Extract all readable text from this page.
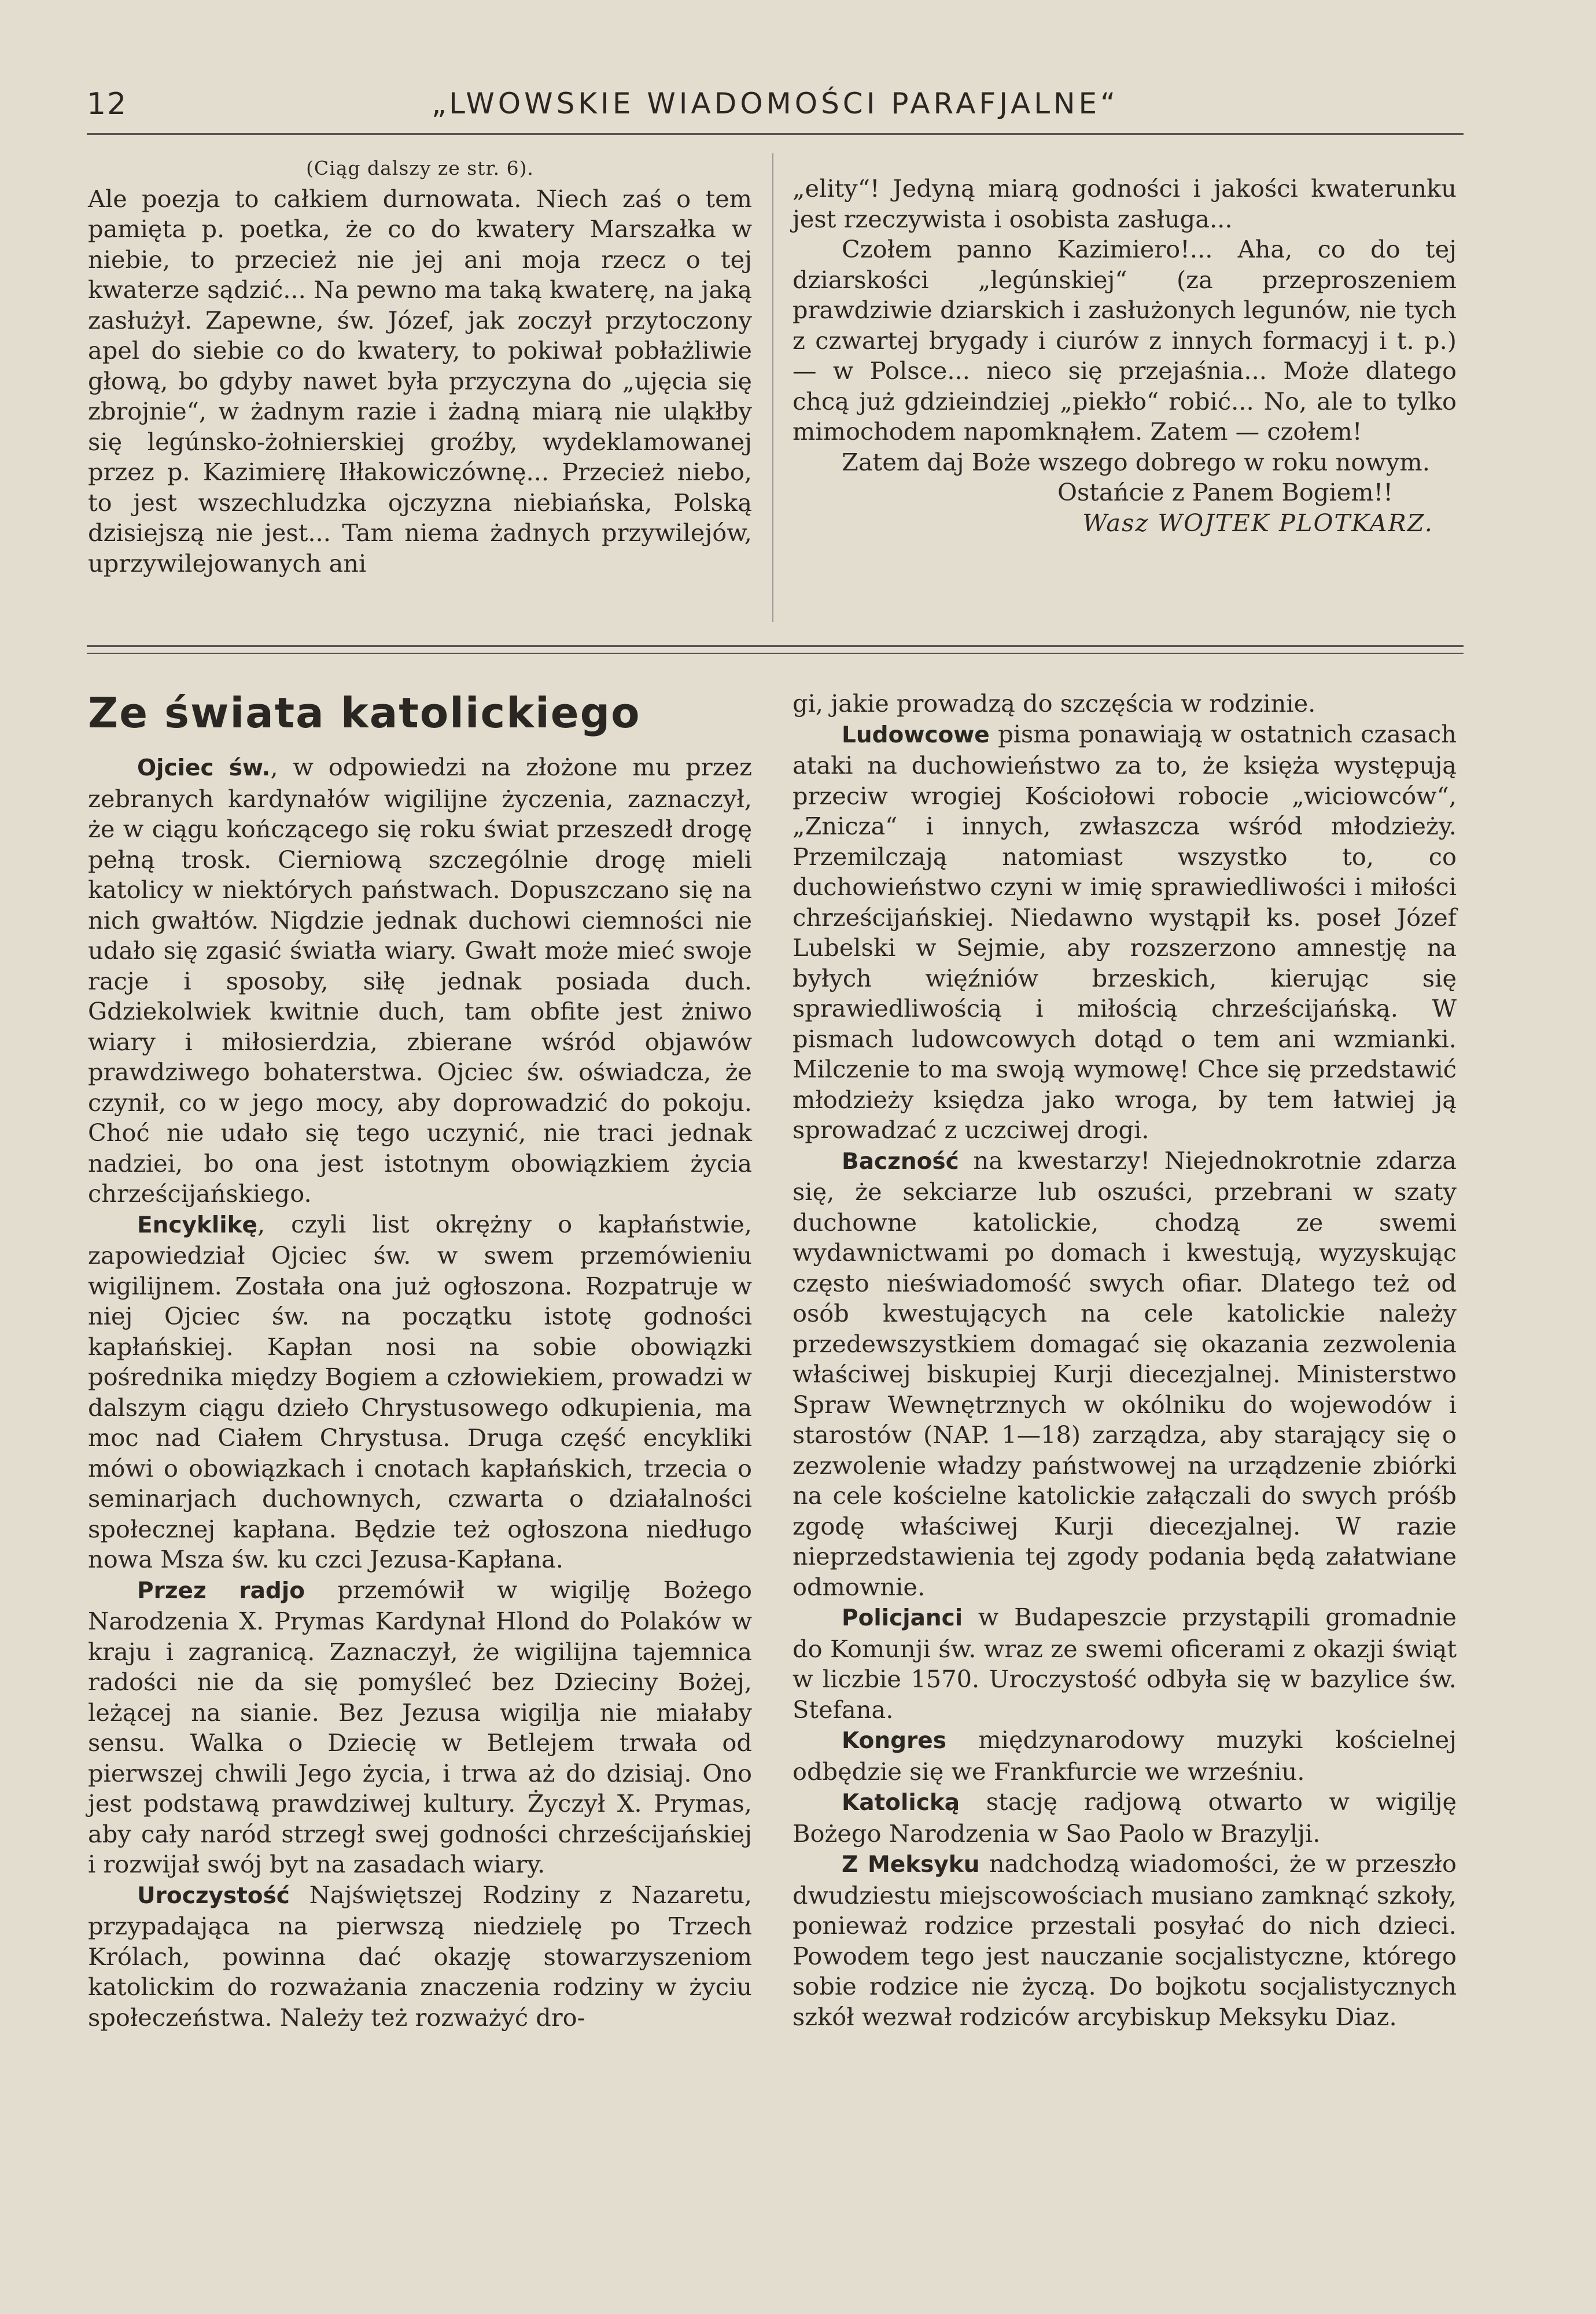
12	„LWOWSKIE WIADOMOŚCI PARAFJALNE“

(Ciąg dalszy ze str. 6).

Ale poezja to całkiem durnowata. Niech zaś o tem pamięta p. poetka, że co do kwatery Marszałka w niebie, to przecież nie jej ani moja rzecz o tej kwaterze sądzić... Na pewno ma taką kwaterę, na jaką zasłużył. Zapewne, św. Józef, jak zoczył przytoczony apel do siebie co do kwatery, to pokiwał pobłażliwie głową, bo gdyby nawet była przyczyna do „ujęcia się zbrojnie“, w żadnym razie i żadną miarą nie uląkłby się legúnsko-żołnierskiej groźby, wydeklamowanej przez p. Kazimierę Iłłakowiczównę... Przecież niebo, to jest wszechludzka ojczyzna niebiańska, Polską dzisiejszą nie jest... Tam niema żadnych przywilejów, uprzywilejowanych ani

„elity“! Jedyną miarą godności i jakości kwaterunku jest rzeczywista i osobista zasługa...

Czołem panno Kazimiero!... Aha, co do tej dziarskości „legúnskiej“ (za przeproszeniem prawdziwie dziarskich i zasłużonych legunów, nie tych z czwartej brygady i ciurów z innych formacyj i t. p.) — w Polsce... nieco się przejaśnia... Może dlatego chcą już gdzieindziej „piekło“ robić... No, ale to tylko mimochodem napomknąłem. Zatem — czołem!

Zatem daj Boże wszego dobrego w roku nowym.

Ostańcie z Panem Bogiem!!

Wasz WOJTEK PLOTKARZ.

Ze świata katolickiego

Ojciec św., w odpowiedzi na złożone mu przez zebranych kardynałów wigilijne życzenia, zaznaczył, że w ciągu kończącego się roku świat przeszedł drogę pełną trosk. Cierniową szczególnie drogę mieli katolicy w niektórych państwach. Dopuszczano się na nich gwałtów. Nigdzie jednak duchowi ciemności nie udało się zgasić światła wiary. Gwałt może mieć swoje racje i sposoby, siłę jednak posiada duch. Gdziekolwiek kwitnie duch, tam obfite jest żniwo wiary i miłosierdzia, zbierane wśród objawów prawdziwego bohaterstwa. Ojciec św. oświadcza, że czynił, co w jego mocy, aby doprowadzić do pokoju. Choć nie udało się tego uczynić, nie traci jednak nadziei, bo ona jest istotnym obowiązkiem życia chrześcijańskiego.

Encyklikę, czyli list okrężny o kapłaństwie, zapowiedział Ojciec św. w swem przemówieniu wigilijnem. Została ona już ogłoszona. Rozpatruje w niej Ojciec św. na początku istotę godności kapłańskiej. Kapłan nosi na sobie obowiązki pośrednika między Bogiem a człowiekiem, prowadzi w dalszym ciągu dzieło Chrystusowego odkupienia, ma moc nad Ciałem Chrystusa. Druga część encykliki mówi o obowiązkach i cnotach kapłańskich, trzecia o seminarjach duchownych, czwarta o działalności społecznej kapłana. Będzie też ogłoszona niedługo nowa Msza św. ku czci Jezusa-Kapłana.

Przez radjo przemówił w wigilję Bożego Narodzenia X. Prymas Kardynał Hlond do Polaków w kraju i zagranicą. Zaznaczył, że wigilijna tajemnica radości nie da się pomyśleć bez Dzieciny Bożej, leżącej na sianie. Bez Jezusa wigilja nie miałaby sensu. Walka o Dziecię w Betlejem trwała od pierwszej chwili Jego życia, i trwa aż do dzisiaj. Ono jest podstawą prawdziwej kultury. Życzył X. Prymas, aby cały naród strzegł swej godności chrześcijańskiej i rozwijał swój byt na zasadach wiary.

Uroczystość Najświętszej Rodziny z Nazaretu, przypadająca na pierwszą niedzielę po Trzech Królach, powinna dać okazję stowarzyszeniom katolickim do rozważania znaczenia rodziny w życiu społeczeństwa. Należy też rozważyć dro-

gi, jakie prowadzą do szczęścia w rodzinie.

Ludowcowe pisma ponawiają w ostatnich czasach ataki na duchowieństwo za to, że księża występują przeciw wrogiej Kościołowi robocie „wiciowców“, „Znicza“ i innych, zwłaszcza wśród młodzieży. Przemilczają natomiast wszystko to, co duchowieństwo czyni w imię sprawiedliwości i miłości chrześcijańskiej. Niedawno wystąpił ks. poseł Józef Lubelski w Sejmie, aby rozszerzono amnestję na byłych więźniów brzeskich, kierując się sprawiedliwością i miłością chrześcijańską. W pismach ludowcowych dotąd o tem ani wzmianki. Milczenie to ma swoją wymowę! Chce się przedstawić młodzieży księdza jako wroga, by tem łatwiej ją sprowadzać z uczciwej drogi.

Baczność na kwestarzy! Niejednokrotnie zdarza się, że sekciarze lub oszuści, przebrani w szaty duchowne katolickie, chodzą ze swemi wydawnictwami po domach i kwestują, wyzyskując często nieświadomość swych ofiar. Dlatego też od osób kwestujących na cele katolickie należy przedewszystkiem domagać się okazania zezwolenia właściwej biskupiej Kurji diecezjalnej. Ministerstwo Spraw Wewnętrznych w okólniku do wojewodów i starostów (NAP. 1—18) zarządza, aby starający się o zezwolenie władzy państwowej na urządzenie zbiórki na cele kościelne katolickie załączali do swych próśb zgodę właściwej Kurji diecezjalnej. W razie nieprzedstawienia tej zgody podania będą załatwiane odmownie.

Policjanci w Budapeszcie przystąpili gromadnie do Komunji św. wraz ze swemi oficerami z okazji świąt w liczbie 1570. Uroczystość odbyła się w bazylice św. Stefana.

Kongres międzynarodowy muzyki kościelnej odbędzie się we Frankfurcie we wrześniu.

Katolicką stację radjową otwarto w wigilję Bożego Narodzenia w Sao Paolo w Brazylji.

Z Meksyku nadchodzą wiadomości, że w przeszło dwudziestu miejscowościach musiano zamknąć szkoły, ponieważ rodzice przestali posyłać do nich dzieci. Powodem tego jest nauczanie socjalistyczne, którego sobie rodzice nie życzą. Do bojkotu socjalistycznych szkół wezwał rodziców arcybiskup Meksyku Diaz.
